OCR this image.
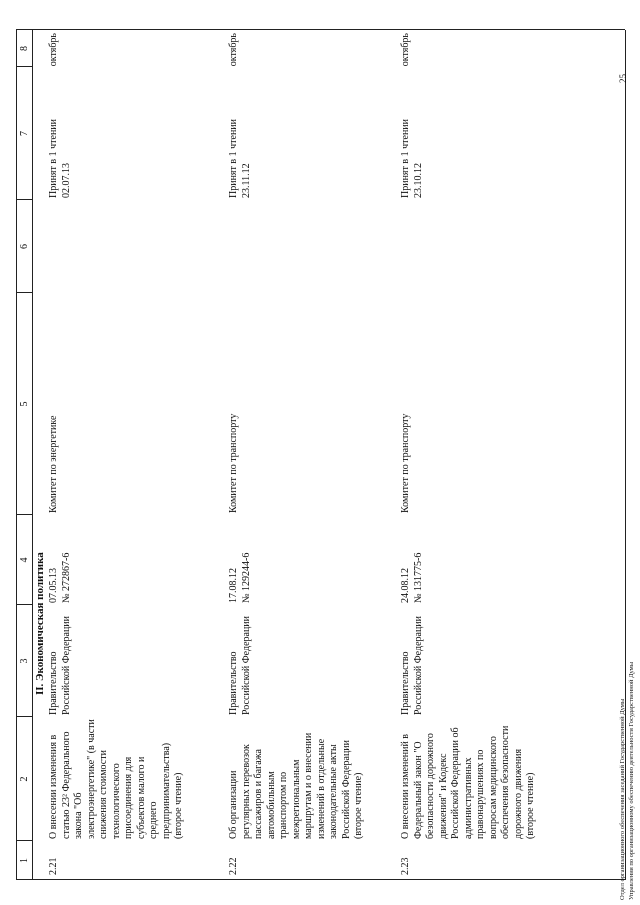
1
2
3
4
5
6
7
8
II. Экономическая политика
2.21
О внесении изменения в статью 23² Федерального закона "Об электроэнергетике" (в части снижения стоимости технологического присоединения для субъектов малого и среднего предпринимательства) (второе чтение)
Правительство Российской Федерации
07.05.13
№ 272867-6
Комитет по энергетике
Принят в 1 чтении
02.07.13
октябрь
2.22
Об организации регулярных перевозок пассажиров и багажа автомобильным транспортом по межрегиональным маршрутам и о внесении изменений в отдельные законодательные акты Российской Федерации (второе чтение)
Правительство Российской Федерации
17.08.12
№ 129244-6
Комитет по транспорту
Принят в 1 чтении
23.11.12
октябрь
2.23
О внесении изменений в Федеральный закон "О безопасности дорожного движения" и Кодекс Российской Федерации об административных правонарушениях по вопросам медицинского обеспечения безопасности дорожного движения (второе чтение)
Правительство Российской Федерации
24.08.12
№ 131775-6
Комитет по транспорту
Принят в 1 чтении
23.10.12
октябрь
Отдел организационного обеспечения заседаний Государственной Думы
Управления по организационному обеспечению деятельности Государственной Думы
25
